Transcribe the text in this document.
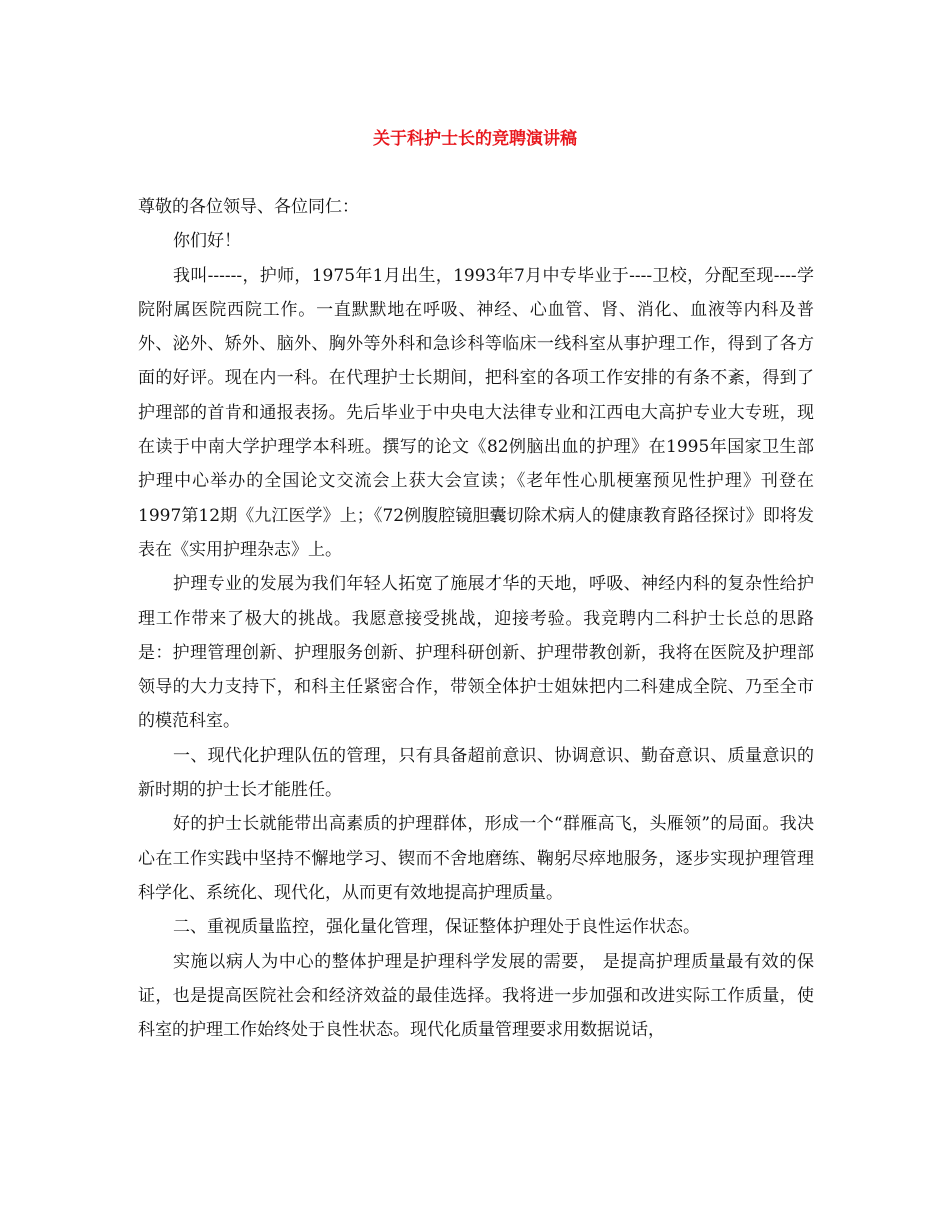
关于科护士长的竞聘演讲稿

尊敬的各位领导、各位同仁：

你们好！

我叫------，护师，1975年1月出生，1993年7月中专毕业于----卫校，分配至现----学院附属医院西院工作。一直默默地在呼吸、神经、心血管、肾、消化、血液等内科及普外、泌外、矫外、脑外、胸外等外科和急诊科等临床一线科室从事护理工作，得到了各方面的好评。现在内一科。在代理护士长期间，把科室的各项工作安排的有条不紊，得到了护理部的首肯和通报表扬。先后毕业于中央电大法律专业和江西电大高护专业大专班，现在读于中南大学护理学本科班。撰写的论文《82例脑出血的护理》在1995年国家卫生部护理中心举办的全国论文交流会上获大会宣读；《老年性心肌梗塞预见性护理》刊登在1997第12期《九江医学》上；《72例腹腔镜胆囊切除术病人的健康教育路径探讨》即将发表在《实用护理杂志》上。

护理专业的发展为我们年轻人拓宽了施展才华的天地，呼吸、神经内科的复杂性给护理工作带来了极大的挑战。我愿意接受挑战，迎接考验。我竞聘内二科护士长总的思路是：护理管理创新、护理服务创新、护理科研创新、护理带教创新，我将在医院及护理部领导的大力支持下，和科主任紧密合作，带领全体护士姐妹把内二科建成全院、乃至全市的模范科室。

一、现代化护理队伍的管理，只有具备超前意识、协调意识、勤奋意识、质量意识的新时期的护士长才能胜任。

好的护士长就能带出高素质的护理群体，形成一个“群雁高飞，头雁领”的局面。我决心在工作实践中坚持不懈地学习、锲而不舍地磨练、鞠躬尽瘁地服务，逐步实现护理管理科学化、系统化、现代化，从而更有效地提高护理质量。

二、重视质量监控，强化量化管理，保证整体护理处于良性运作状态。

实施以病人为中心的整体护理是护理科学发展的需要， 是提高护理质量最有效的保证，也是提高医院社会和经济效益的最佳选择。我将进一步加强和改进实际工作质量，使科室的护理工作始终处于良性状态。现代化质量管理要求用数据说话，
